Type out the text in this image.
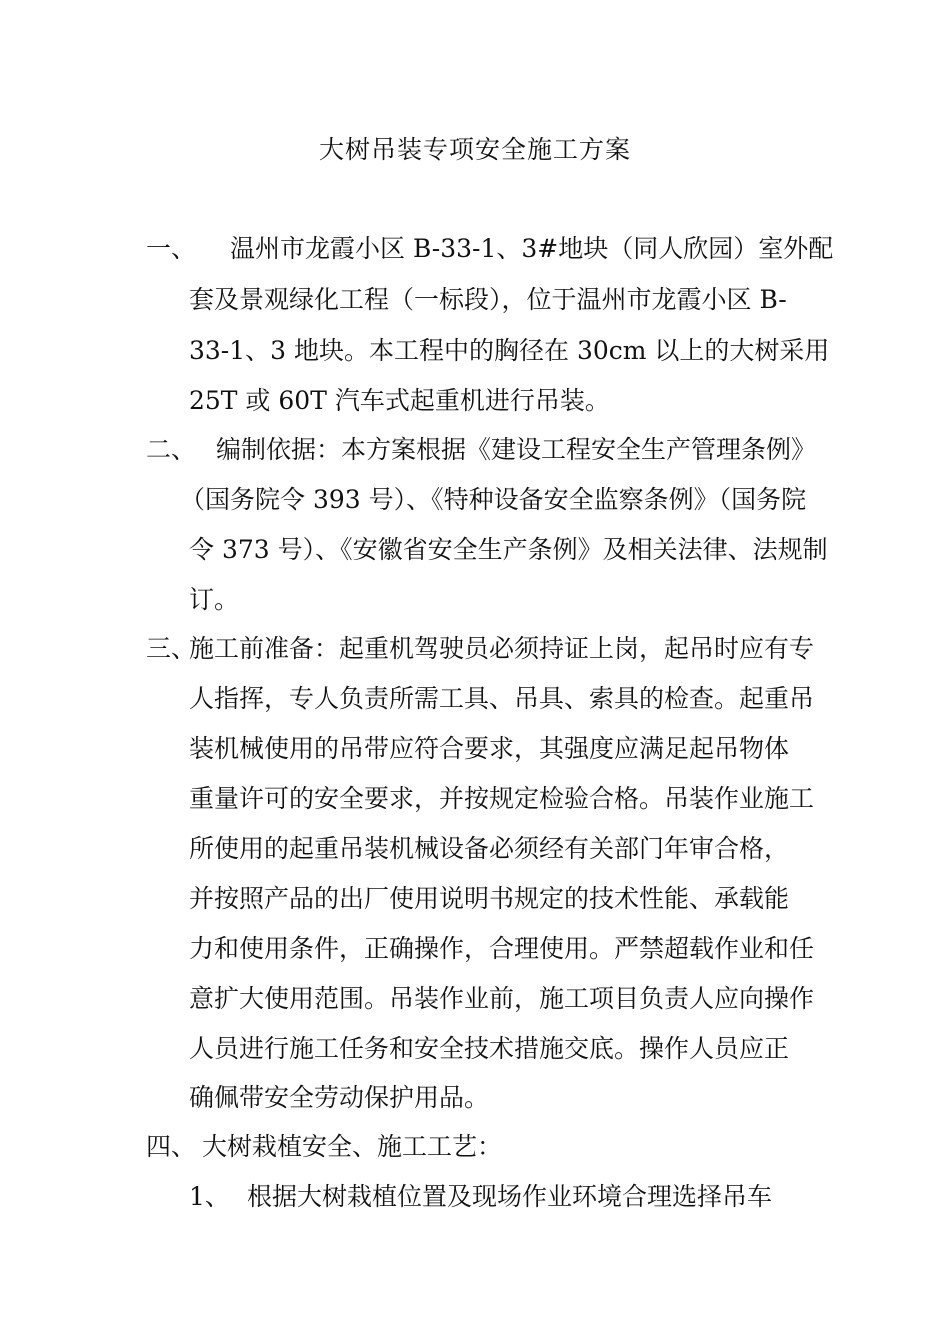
大树吊装专项安全施工方案
一、 温州市龙霞小区 B-33-1、3#地块（同人欣园）室外配
套及景观绿化工程（一标段），位于温州市龙霞小区 B-
33-1、3 地块。本工程中的胸径在 30cm 以上的大树采用
25T 或 60T 汽车式起重机进行吊装。
二、 编制依据：本方案根据《建设工程安全生产管理条例》
（国务院令 393 号）、《特种设备安全监察条例》（国务院
令 373 号）、《安徽省安全生产条例》及相关法律、法规制
订。
三、
施工前准备：起重机驾驶员必须持证上岗，起吊时应有专
人指挥，专人负责所需工具、吊具、索具的检查。起重吊
装机械使用的吊带应符合要求，其强度应满足起吊物体
重量许可的安全要求，并按规定检验合格。吊装作业施工
所使用的起重吊装机械设备必须经有关部门年审合格，
并按照产品的出厂使用说明书规定的技术性能、承载能
力和使用条件，正确操作，合理使用。严禁超载作业和任
意扩大使用范围。吊装作业前，施工项目负责人应向操作
人员进行施工任务和安全技术措施交底。操作人员应正
确佩带安全劳动保护用品。
四、 大树栽植安全、施工工艺：
1、 根据大树栽植位置及现场作业环境合理选择吊车
